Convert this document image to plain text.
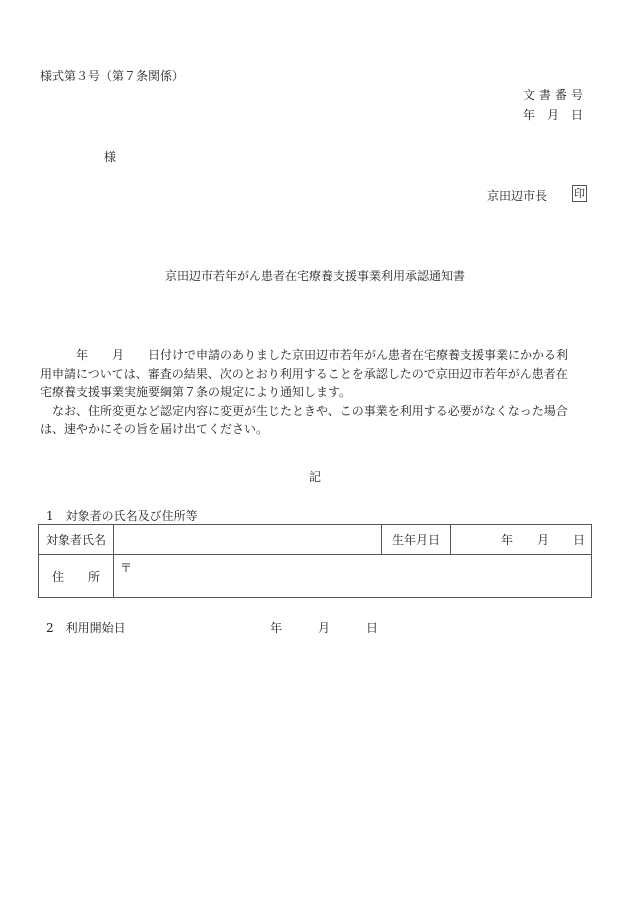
様式第３号（第７条関係）
文書番号
年　月　日
様
京田辺市長 印
京田辺市若年がん患者在宅療養支援事業利用承認通知書

　　　年　　月　　日付けで申請のありました京田辺市若年がん患者在宅療養支援事業にかかる利

用申請については、審査の結果、次のとおり利用することを承認したので京田辺市若年がん患者在

宅療養支援事業実施要綱第７条の規定により通知します。

　なお、住所変更など認定内容に変更が生じたときや、この事業を利用する必要がなくなった場合

は、速やかにその旨を届け出てください。

記
1　対象者の氏名及び住所等
対象者氏名		生年月日	年　　月　　日
住　　所	〒		
2　利用開始日	年　　　月　　　日
